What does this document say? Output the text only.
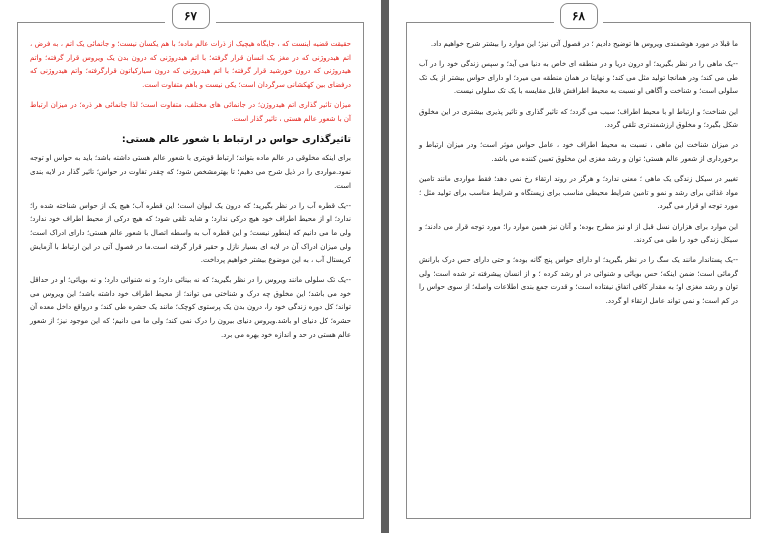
۶۷

حقیقت قضیه اینست که ، جایگاه هیچیک از ذرات عالم ماده؛ با هم یکسان نیست؛ و جانمائی یک اتم ، به فرض ، اتم هیدروژنی که در مغز یک انسان قرار گرفته؛ با اتم هیدروژنی که درون بدن یک ویروس قرار گرفته؛ واتم هیدروژنی که درون خورشید قرار گرفته؛ با اتم هیدروژنی که درون سیارکیاتون قرارگرفته؛ واتم هیدروژنی که درفضای بین کهکشانی سرگردان است؛ یکی نیست و باهم متفاوت است.

میزان تاثیر گذاری اتم هیدروژن؛ در جانمائی های مختلف، متفاوت است؛ لذا جانمائی هر ذره؛ در میزان ارتباط آن با شعور عالم هستی ، تاثیر گذار است.

تاثیرگذاری حواس در ارتباط با شعور عالم هستی:

برای اینکه مخلوقی در عالم ماده بتواند؛ ارتباط قویتری با شعور عالم هستی داشته باشد؛ باید به حواس او توجه نمود.مواردی را در ذیل شرح می دهیم؛ تا بهترمشخص شود؛ که چقدر تفاوت در حواس؛ تاثیر گذار در لایه بندی است.

--یک قطره آب را در نظر بگیرید؛ که درون یک لیوان است؛ این قطره آب؛ هیچ یک از حواس شناخته شده را؛ ندارد؛ او از محیط اطراف خود هیچ درکی ندارد؛ و شاید تلقی شود؛ که هیچ درکی از محیط اطراف خود ندارد؛ ولی ما می دانیم که اینطور نیست؛ و این قطره آب به واسطه اتصال با شعور عالم هستی؛ دارای ادراک است؛ ولی میزان ادراک آن در لایه ای بسیار نازل و حقیر قرار گرفته است.ما در فصول آتی در این ارتباط با آزمایش کریستال آب ، به این موضوع بیشتر خواهیم پرداخت.

--یک تک سلولی مانند ویروس را در نظر بگیرید؛ که نه بینائی دارد؛ و نه شنوائی دارد؛ و نه بویائی؛ او در حداقل خود می باشد؛ این مخلوق چه درک و شناختی می تواند؛ از محیط اطراف خود داشته باشد؛ این ویروس می تواند؛ کل دوره زندگی خود را، درون بدن یک پرستوی کوچک؛ مانند یک حشره طی کند؛ و درواقع داخل معده آن حشره؛ کل دنیای او باشد.ویروس دنیای بیرون را درک نمی کند؛ ولی ما می دانیم؛ که این موجود نیز؛ از شعور عالم هستی در حد و اندازه خود بهره می برد.

۶۸

ما قبلا در مورد هوشمندی ویروس ها توضیح دادیم ؛ در فصول آتی نیز؛ این موارد را بیشتر شرح خواهیم داد.

--یک ماهی را در نظر بگیرید؛ او درون دریا و در منطقه ای خاص به دنیا می آید؛ و سپس زندگی خود را در آب طی می کند؛ ودر همانجا تولید مثل می کند؛ و نهایتا در همان منطقه می میرد؛ او دارای حواس بیشتر از یک تک سلولی است؛ و شناخت و آگاهی او نسبت به محیط اطرافش قابل مقایسه با یک تک سلولی نیست.

این شناخت؛ و ارتباط او با محیط اطراف؛ سبب می گردد؛ که تاثیر گذاری و تاثیر پذیری بیشتری در این مخلوق شکل بگیرد؛ و مخلوق ارزشمندتری تلقی گردد.

در میزان شناخت این ماهی ، نسبت به محیط اطراف خود ، عامل حواس موثر است؛ ودر میزان ارتباط و برخورداری از شعور عالم هستی؛ توان و رشد مغزی این مخلوق تعیین کننده می باشد.

تغییر در سیکل زندگی یک ماهی ؛ معنی ندارد؛ و هرگز در روند ارتقاء رخ نمی دهد؛ فقط مواردی مانند تامین مواد غذائی برای رشد و نمو و تامین شرایط محیطی مناسب برای زیستگاه و شرایط مناسب برای تولید مثل ؛ مورد توجه او قرار می گیرد.

این موارد برای هزاران نسل قبل از او نیز مطرح بوده؛ و آنان نیز همین موارد را؛ مورد توجه قرار می دادند؛ و سیکل زندگی خود را طی می کردند.

--یک پستاندار مانند یک سگ را در نظر بگیرید؛ او دارای حواس پنج گانه بوده؛ و حتی دارای حس درک بارانش گرمائی است؛ ضمن اینکه؛ حس بویائی و شنوائی در او رشد کرده ؛ و از انسان پیشرفته تر شده است؛ ولی توان و رشد مغزی او؛ به مقدار کافی اتفاق نیفتاده است؛ و قدرت جمع بندی اطلاعات واصله؛ از سوی حواس را در کم است؛ و نمی تواند عامل ارتقاء او گردد.
